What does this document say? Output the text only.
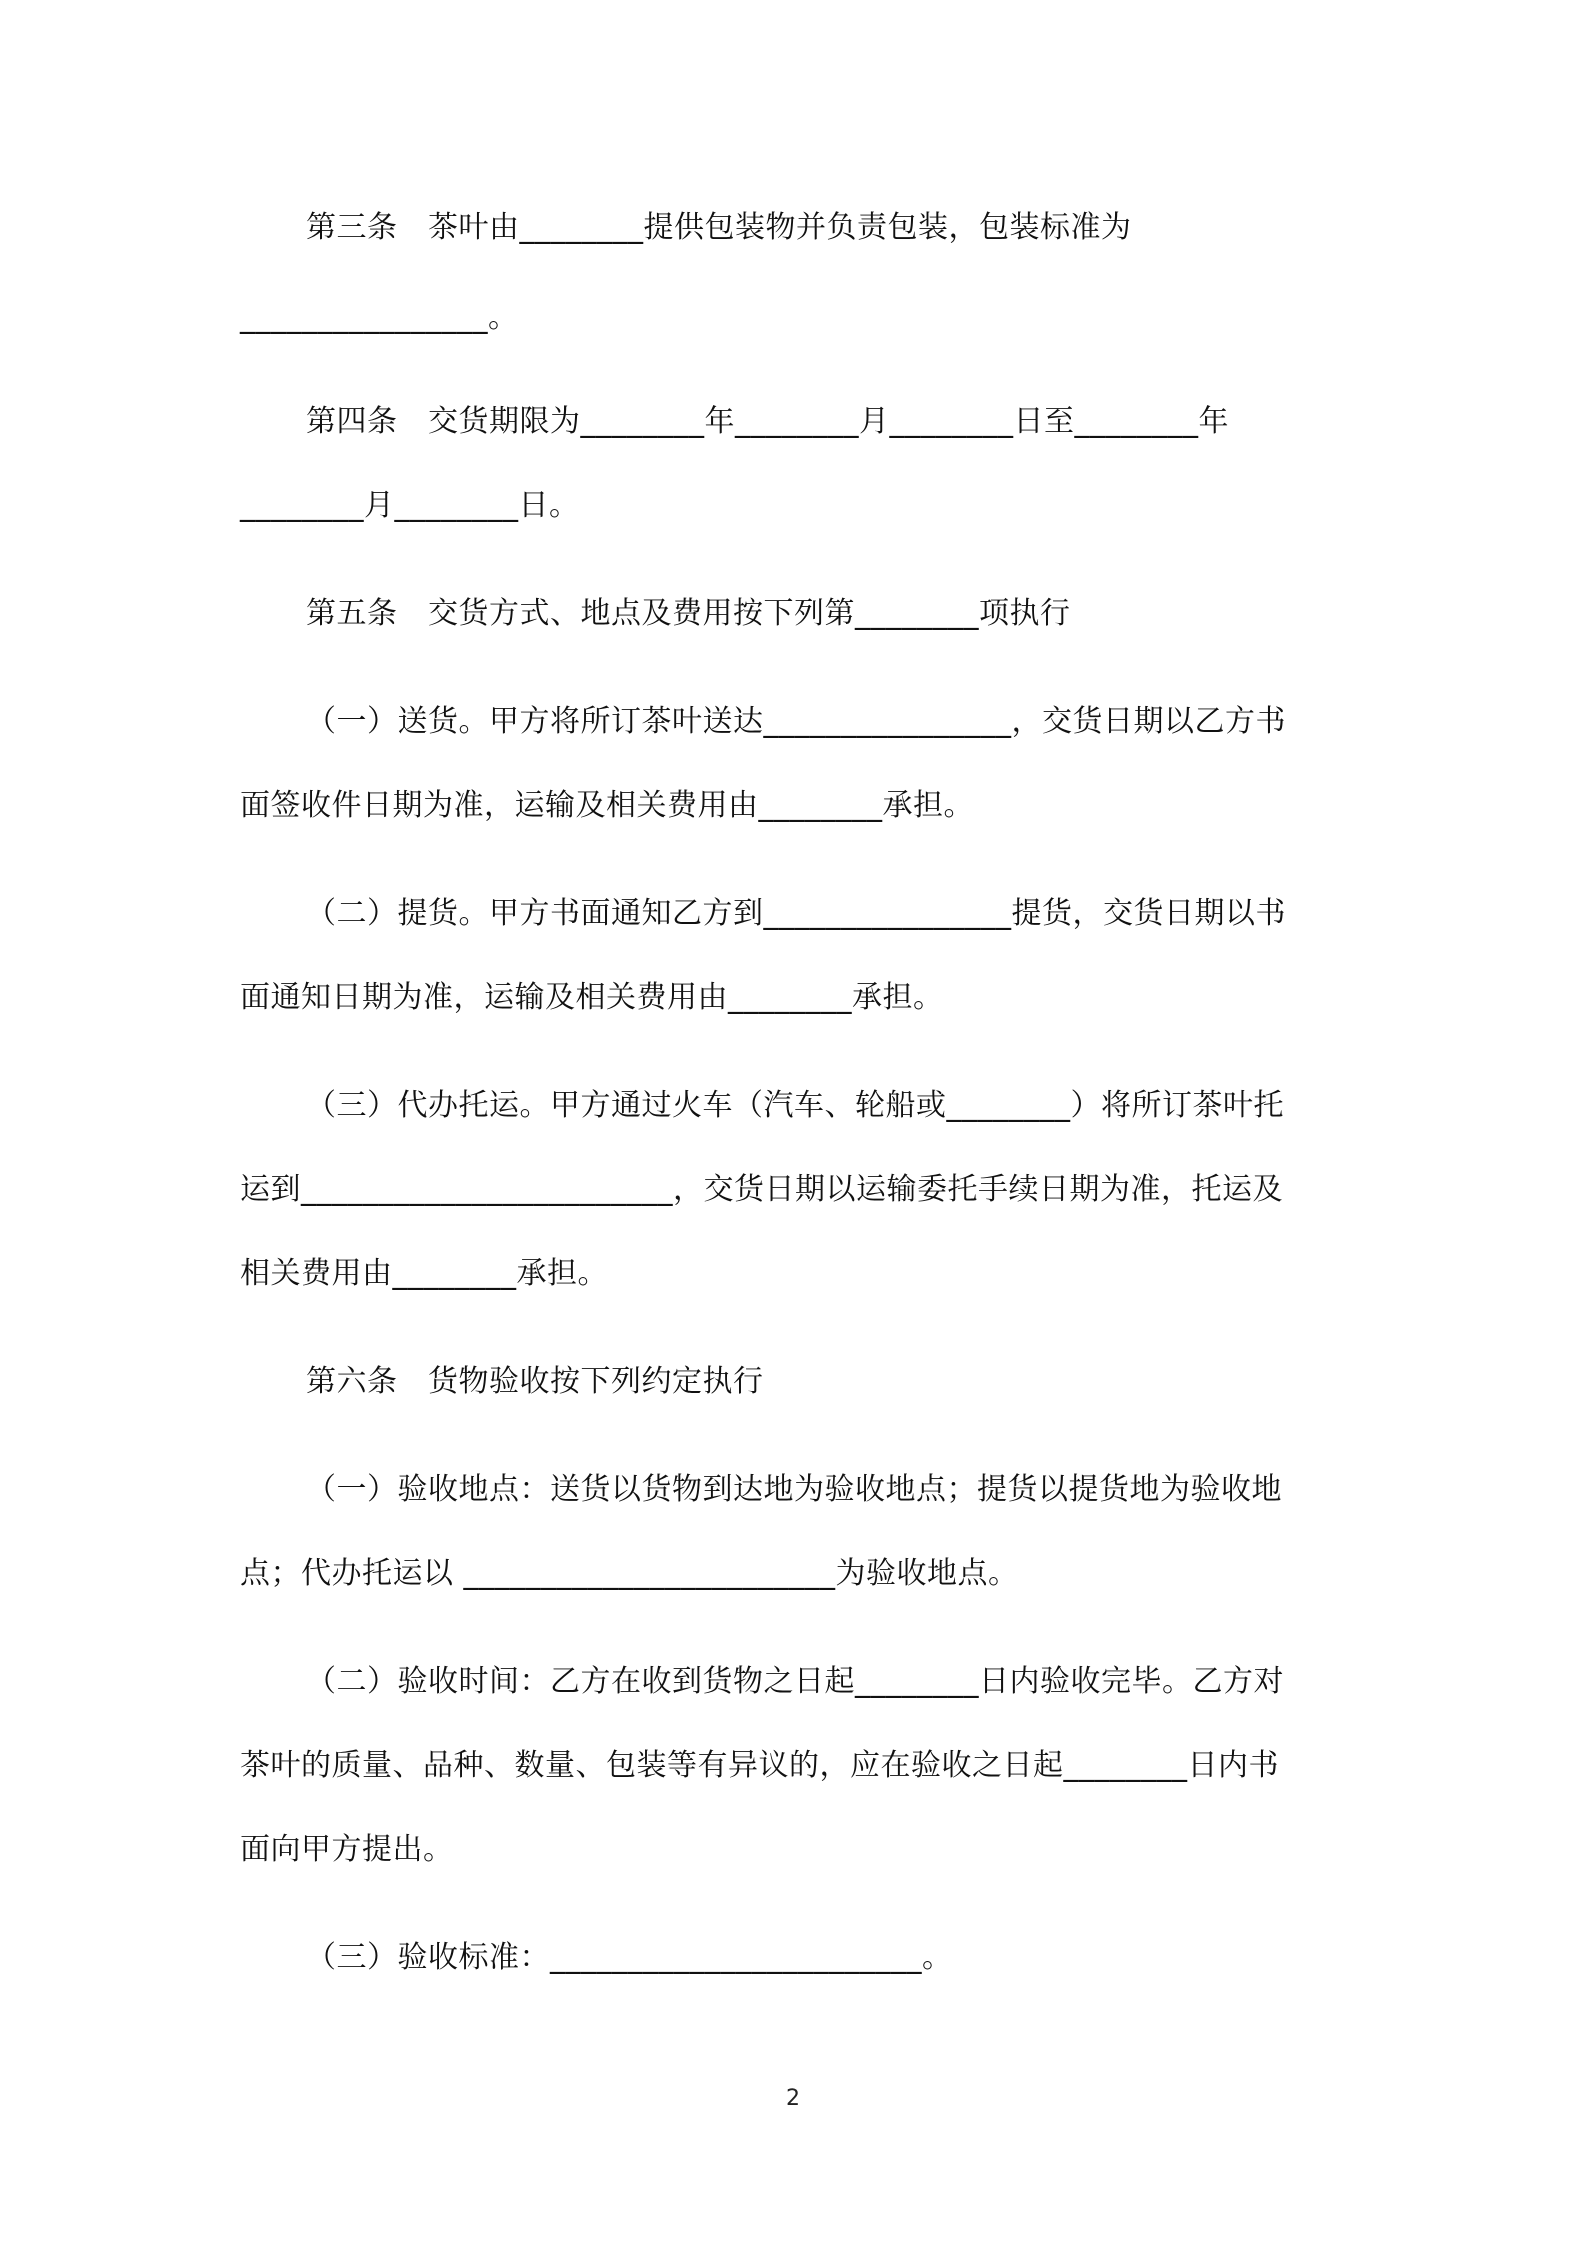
第三条　茶叶由________提供包装物并负责包装，包装标准为
________________。
第四条　交货期限为________年________月________日至________年
________月________日。
第五条　交货方式、地点及费用按下列第________项执行
（一）送货。甲方将所订茶叶送达________________，交货日期以乙方书
面签收件日期为准，运输及相关费用由________承担。
（二）提货。甲方书面通知乙方到________________提货，交货日期以书
面通知日期为准，运输及相关费用由________承担。
（三）代办托运。甲方通过火车（汽车、轮船或________）将所订茶叶托
运到________________________，交货日期以运输委托手续日期为准，托运及
相关费用由________承担。
第六条　货物验收按下列约定执行
（一）验收地点：送货以货物到达地为验收地点；提货以提货地为验收地
点；代办托运以 ________________________为验收地点。
（二）验收时间：乙方在收到货物之日起________日内验收完毕。乙方对
茶叶的质量、品种、数量、包装等有异议的，应在验收之日起________日内书
面向甲方提出。
（三）验收标准：________________________。
2
